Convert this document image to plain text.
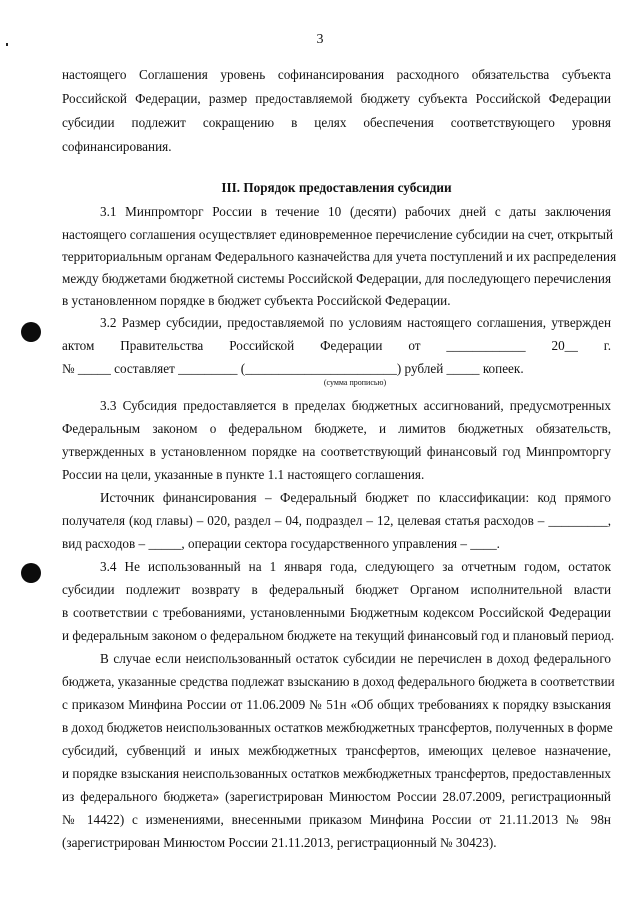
3
настоящего Соглашения уровень софинансирования расходного обязательства субъекта
Российской Федерации, размер предоставляемой бюджету субъекта Российской Федерации
субсидии подлежит сокращению в целях обеспечения соответствующего уровня
софинансирования.
III. Порядок предоставления субсидии
3.1 Минпромторг России в течение 10 (десяти) рабочих дней с даты заключения
настоящего соглашения осуществляет единовременное перечисление субсидии на счет, открытый
территориальным органам Федерального казначейства для учета поступлений и их распределения
между бюджетами бюджетной системы Российской Федерации, для последующего перечисления
в установленном порядке в бюджет субъекта Российской Федерации.
3.2 Размер субсидии, предоставляемой по условиям настоящего соглашения, утвержден
актом Правительства Российской Федерации от ____________ 20__ г.
№ _____ составляет _________ (_______________________) рублей _____ копеек.
(сумма прописью)
3.3 Субсидия предоставляется в пределах бюджетных ассигнований, предусмотренных
Федеральным законом о федеральном бюджете, и лимитов бюджетных обязательств,
утвержденных в установленном порядке на соответствующий финансовый год Минпромторгу
России на цели, указанные в пункте 1.1 настоящего соглашения.
Источник финансирования – Федеральный бюджет по классификации: код прямого
получателя (код главы) – 020, раздел – 04, подраздел – 12, целевая статья расходов – _________,
вид расходов – _____, операции сектора государственного управления – ____.
3.4 Не использованный на 1 января года, следующего за отчетным годом, остаток
субсидии подлежит возврату в федеральный бюджет Органом исполнительной власти
в соответствии с требованиями, установленными Бюджетным кодексом Российской Федерации
и федеральным законом о федеральном бюджете на текущий финансовый год и плановый период.
В случае если неиспользованный остаток субсидии не перечислен в доход федерального
бюджета, указанные средства подлежат взысканию в доход федерального бюджета в соответствии
с приказом Минфина России от 11.06.2009 № 51н «Об общих требованиях к порядку взыскания
в доход бюджетов неиспользованных остатков межбюджетных трансфертов, полученных в форме
субсидий, субвенций и иных межбюджетных трансфертов, имеющих целевое назначение,
и порядке взыскания неиспользованных остатков межбюджетных трансфертов, предоставленных
из федерального бюджета» (зарегистрирован Минюстом России 28.07.2009, регистрационный
№ 14422) с изменениями, внесенными приказом Минфина России от 21.11.2013 № 98н
(зарегистрирован Минюстом России 21.11.2013, регистрационный № 30423).
